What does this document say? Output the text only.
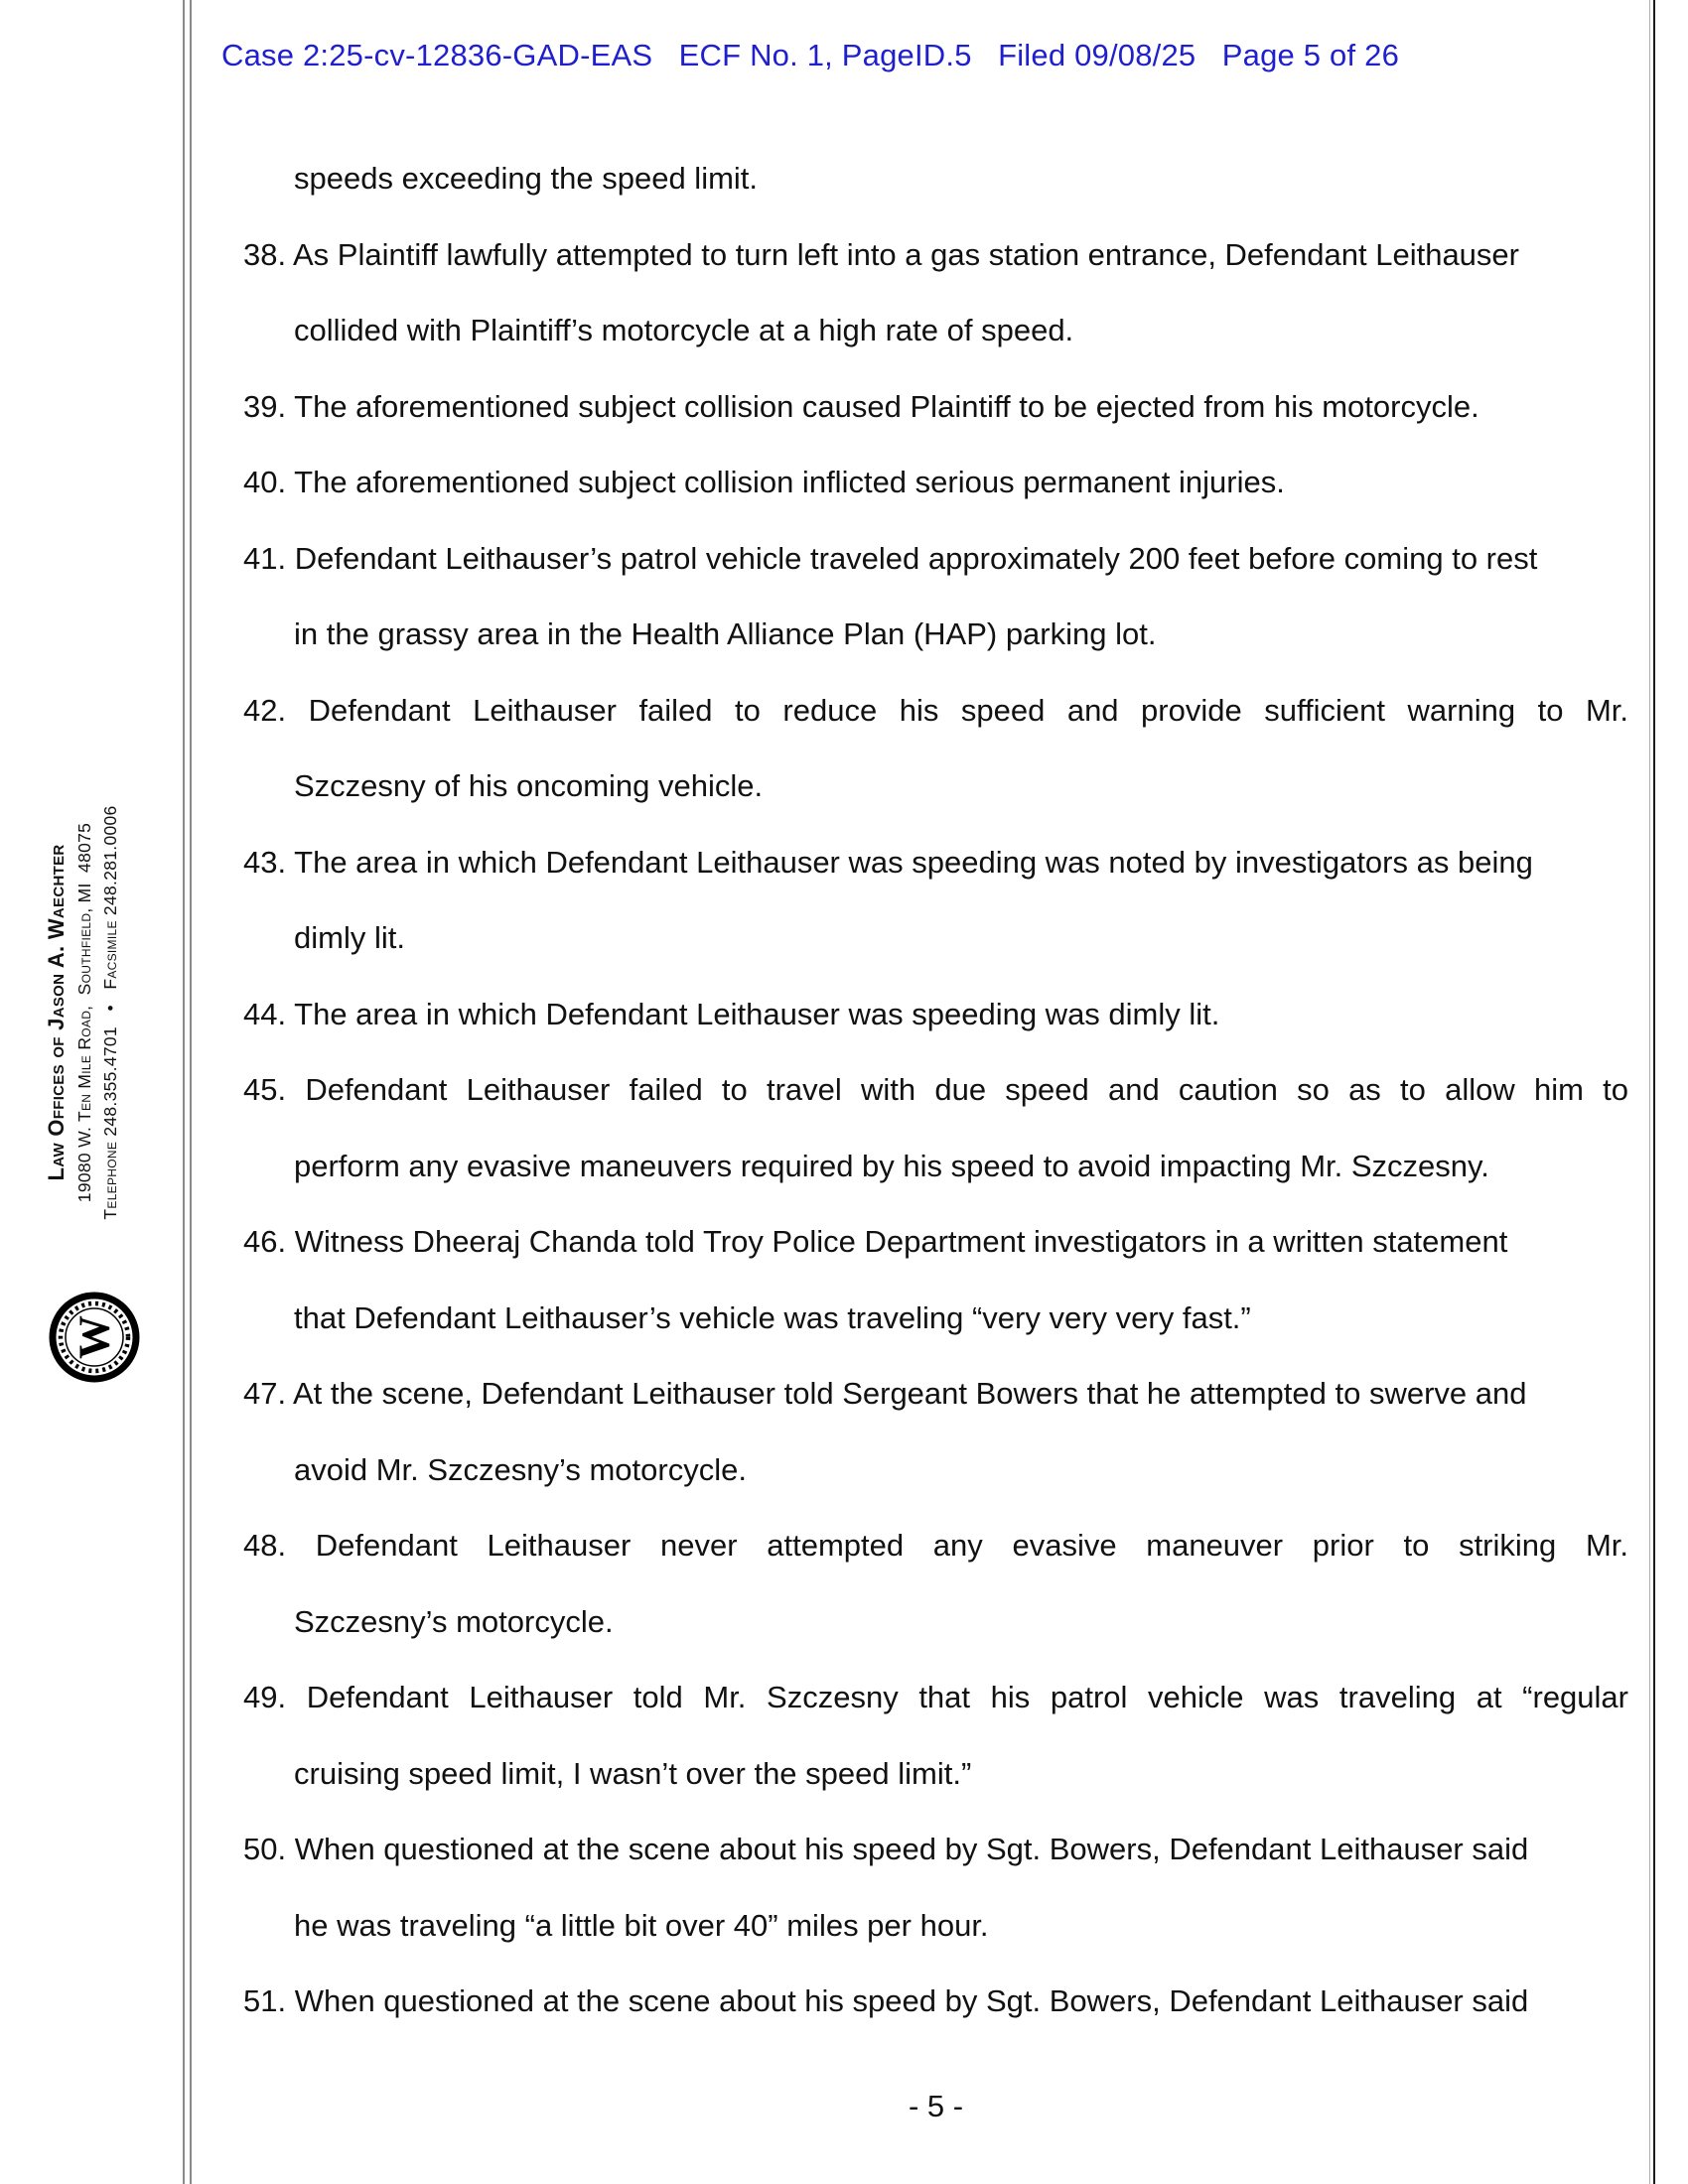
Case 2:25-cv-12836-GAD-EAS   ECF No. 1, PageID.5   Filed 09/08/25   Page 5 of 26
Law Offices of Jason A. Waechter 19080 W. Ten Mile Road,  Southfield, MI  48075 Telephone 248.355.4701   •   Facsimile 248.281.0006
W
speeds exceeding the speed limit.
38. As Plaintiff lawfully attempted to turn left into a gas station entrance, Defendant Leithauser
collided with Plaintiff’s motorcycle at a high rate of speed.
39. The aforementioned subject collision caused Plaintiff to be ejected from his motorcycle.
40. The aforementioned subject collision inflicted serious permanent injuries.
41. Defendant Leithauser’s patrol vehicle traveled approximately 200 feet before coming to rest
in the grassy area in the Health Alliance Plan (HAP) parking lot.
42. Defendant Leithauser failed to reduce his speed and provide sufficient warning to Mr.
Szczesny of his oncoming vehicle.
43. The area in which Defendant Leithauser was speeding was noted by investigators as being
dimly lit.
44. The area in which Defendant Leithauser was speeding was dimly lit.
45. Defendant Leithauser failed to travel with due speed and caution so as to allow him to
perform any evasive maneuvers required by his speed to avoid impacting Mr. Szczesny.
46. Witness Dheeraj Chanda told Troy Police Department investigators in a written statement
that Defendant Leithauser’s vehicle was traveling “very very very fast.”
47. At the scene, Defendant Leithauser told Sergeant Bowers that he attempted to swerve and
avoid Mr. Szczesny’s motorcycle.
48. Defendant Leithauser never attempted any evasive maneuver prior to striking Mr.
Szczesny’s motorcycle.
49. Defendant Leithauser told Mr. Szczesny that his patrol vehicle was traveling at “regular
cruising speed limit, I wasn’t over the speed limit.”
50. When questioned at the scene about his speed by Sgt. Bowers, Defendant Leithauser said
he was traveling “a little bit over 40” miles per hour.
51. When questioned at the scene about his speed by Sgt. Bowers, Defendant Leithauser said
- 5 -
